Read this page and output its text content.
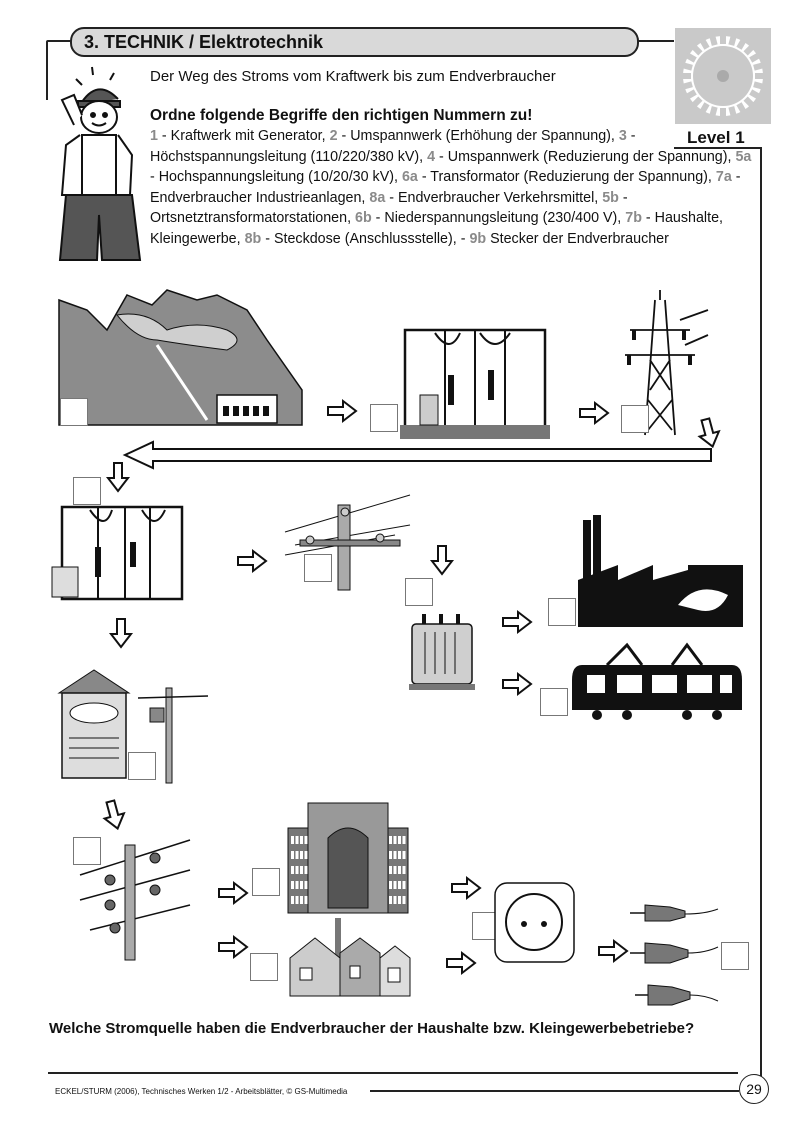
3. TECHNIK / Elektrotechnik
Level 1
Der Weg des Stroms vom Kraftwerk bis zum Endverbraucher
Ordne folgende Begriffe den richtigen Nummern zu!
1 - Kraftwerk mit Generator, 2 - Umspannwerk (Erhöhung der Spannung), 3 - Höchstspannungsleitung (110/220/380 kV), 4 - Umspannwerk (Reduzierung der Spannung), 5a - Hochspannungsleitung (10/20/30 kV), 6a - Transformator (Reduzierung der Spannung), 7a - Endverbraucher Industrieanlagen, 8a - Endverbraucher Verkehrsmittel, 5b - Ortsnetztransformatorstationen, 6b - Niederspannungsleitung (230/400 V), 7b - Haushalte, Kleingewerbe, 8b - Steckdose (Anschlussstelle), - 9b Stecker der Endverbraucher
Welche Stromquelle haben die Endverbraucher der Haushalte bzw. Kleingewerbebetriebe?
ECKEL/STURM (2006), Technisches Werken 1/2 - Arbeitsblätter, © GS-Multimedia	29
